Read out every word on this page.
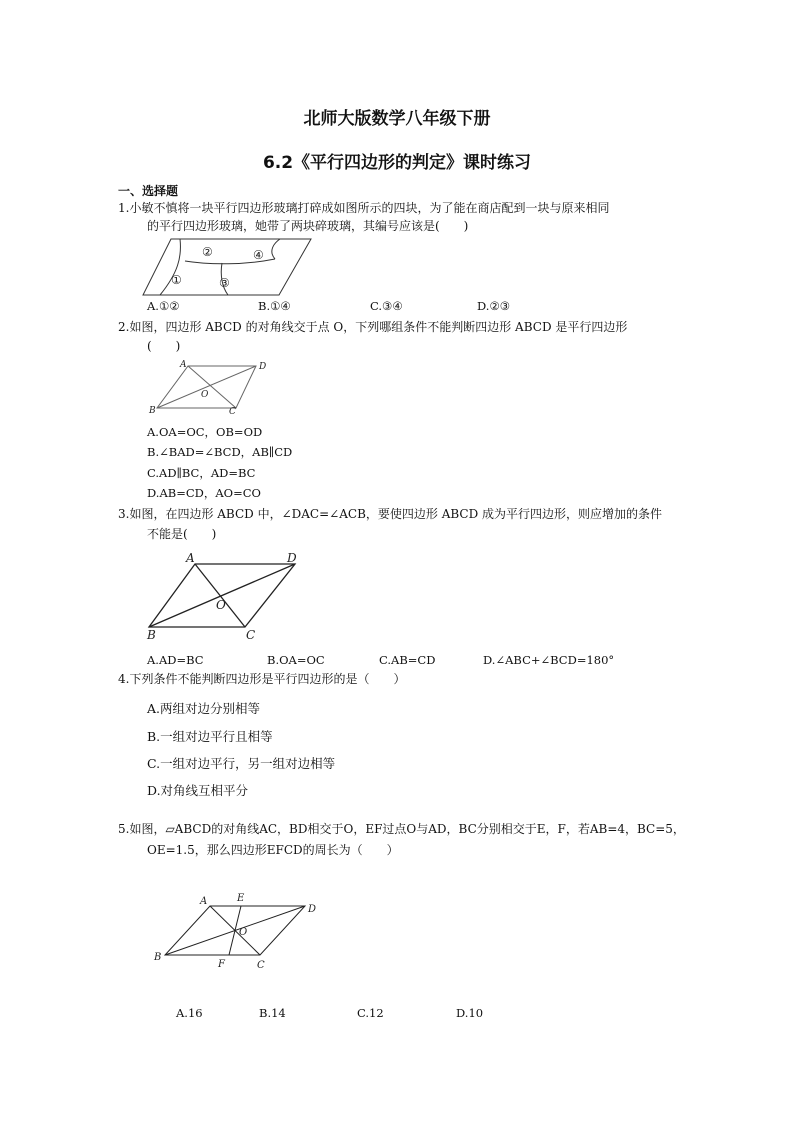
北师大版数学八年级下册
6.2《平行四边形的判定》课时练习
一、选择题
1.小敏不慎将一块平行四边形玻璃打碎成如图所示的四块，为了能在商店配到一块与原来相同
的平行四边形玻璃，她带了两块碎玻璃，其编号应该是(　　)
②	④
①	③
A.①②	B.①④	C.③④	D.②③
2.如图，四边形 ABCD 的对角线交于点 O，下列哪组条件不能判断四边形 ABCD 是平行四边形
(　　)
A	D
B	C
O
A.OA=OC，OB=OD
B.∠BAD=∠BCD，AB∥CD
C.AD∥BC，AD=BC
D.AB=CD，AO=CO
3.如图，在四边形 ABCD 中，∠DAC=∠ACB，要使四边形 ABCD 成为平行四边形，则应增加的条件
不能是(　　)
A	D
B	C
O
A.AD=BC	B.OA=OC	C.AB=CD	D.∠ABC+∠BCD=180°
4.下列条件不能判断四边形是平行四边形的是（　　）
A.两组对边分别相等
B.一组对边平行且相等
C.一组对边平行，另一组对边相等
D.对角线互相平分
5.如图，▱ABCD的对角线AC，BD相交于O，EF过点O与AD，BC分别相交于E，F，若AB=4，BC=5，
OE=1.5，那么四边形EFCD的周长为（　　）
A	E
D
B
F	C
O
A.16	B.14	C.12	D.10
